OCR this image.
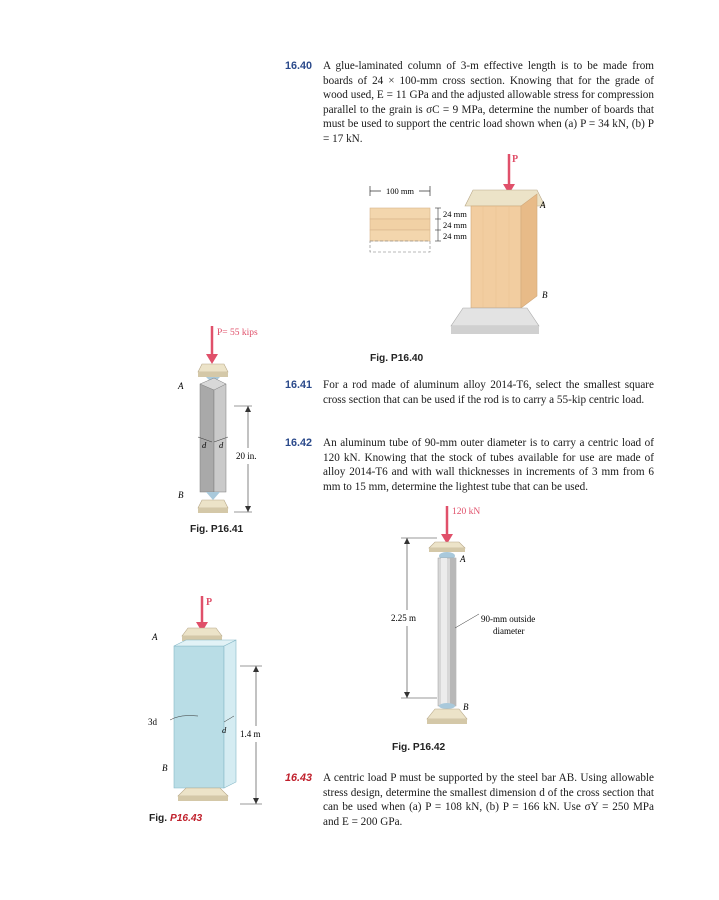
16.40 A glue-laminated column of 3-m effective length is to be made from boards of 24 × 100-mm cross section. Knowing that for the grade of wood used, E = 11 GPa and the adjusted allowable stress for compression parallel to the grain is σC = 9 MPa, determine the number of boards that must be used to support the centric load shown when (a) P = 34 kN, (b) P = 17 kN.
P
A
B
100 mm
24 mm
24 mm
24 mm
Fig. P16.40
16.41 For a rod made of aluminum alloy 2014-T6, select the smallest square cross section that can be used if the rod is to carry a 55-kip centric load.
16.42 An aluminum tube of 90-mm outer diameter is to carry a centric load of 120 kN. Knowing that the stock of tubes available for use are made of alloy 2014-T6 and with wall thicknesses in increments of 3 mm from 6 mm to 15 mm, determine the lightest tube that can be used.
P= 55 kips
d d
A
B
20 in.
Fig. P16.41
120 kN
A
B
2.25 m	90-mm outside
diameter
Fig. P16.42
16.43 A centric load P must be supported by the steel bar AB. Using allowable stress design, determine the smallest dimension d of the cross section that can be used when (a) P = 108 kN, (b) P = 166 kN. Use σY = 250 MPa and E = 200 GPa.
P
3d
d
A
B
1.4 m
Fig. P16.43
